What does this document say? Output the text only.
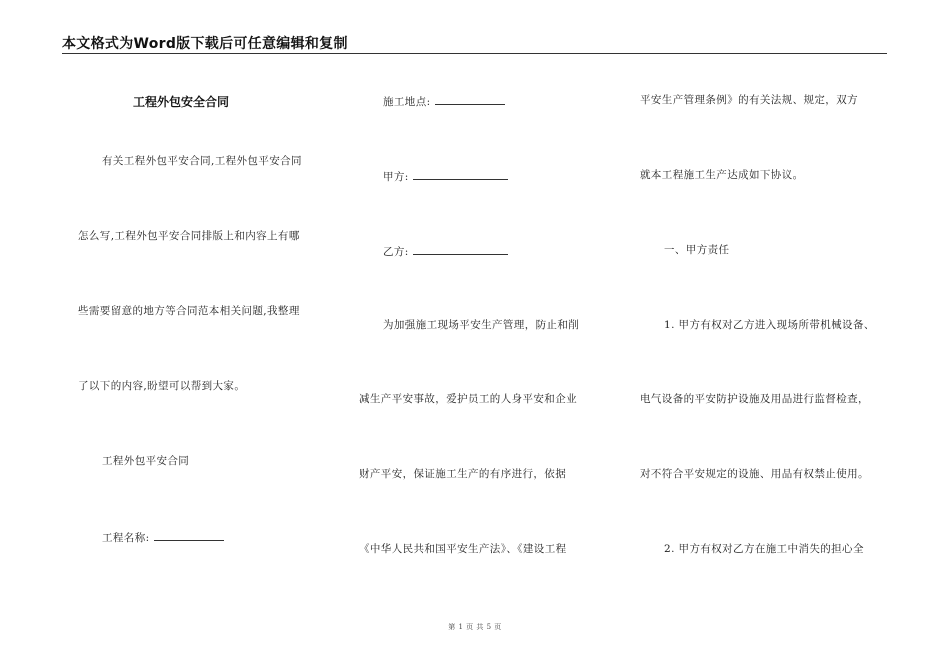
本文格式为Word版下载后可任意编辑和复制
工程外包安全合同
有关工程外包平安合同,工程外包平安合同
怎么写,工程外包平安合同排版上和内容上有哪
些需要留意的地方等合同范本相关问题,我整理
了以下的内容,盼望可以帮到大家。
工程外包平安合同
工程名称:
施工地点:
甲方:
乙方:
为加强施工现场平安生产管理，防止和削
减生产平安事故，爱护员工的人身平安和企业
财产平安，保证施工生产的有序进行，依据
《中华人民共和国平安生产法》、《建设工程
平安生产管理条例》的有关法规、规定，双方
就本工程施工生产达成如下协议。
一、甲方责任
1. 甲方有权对乙方进入现场所带机械设备、
电气设备的平安防护设施及用品进行监督检查，
对不符合平安规定的设施、用品有权禁止使用。
2. 甲方有权对乙方在施工中消失的担心全
第 1 页 共 5 页
